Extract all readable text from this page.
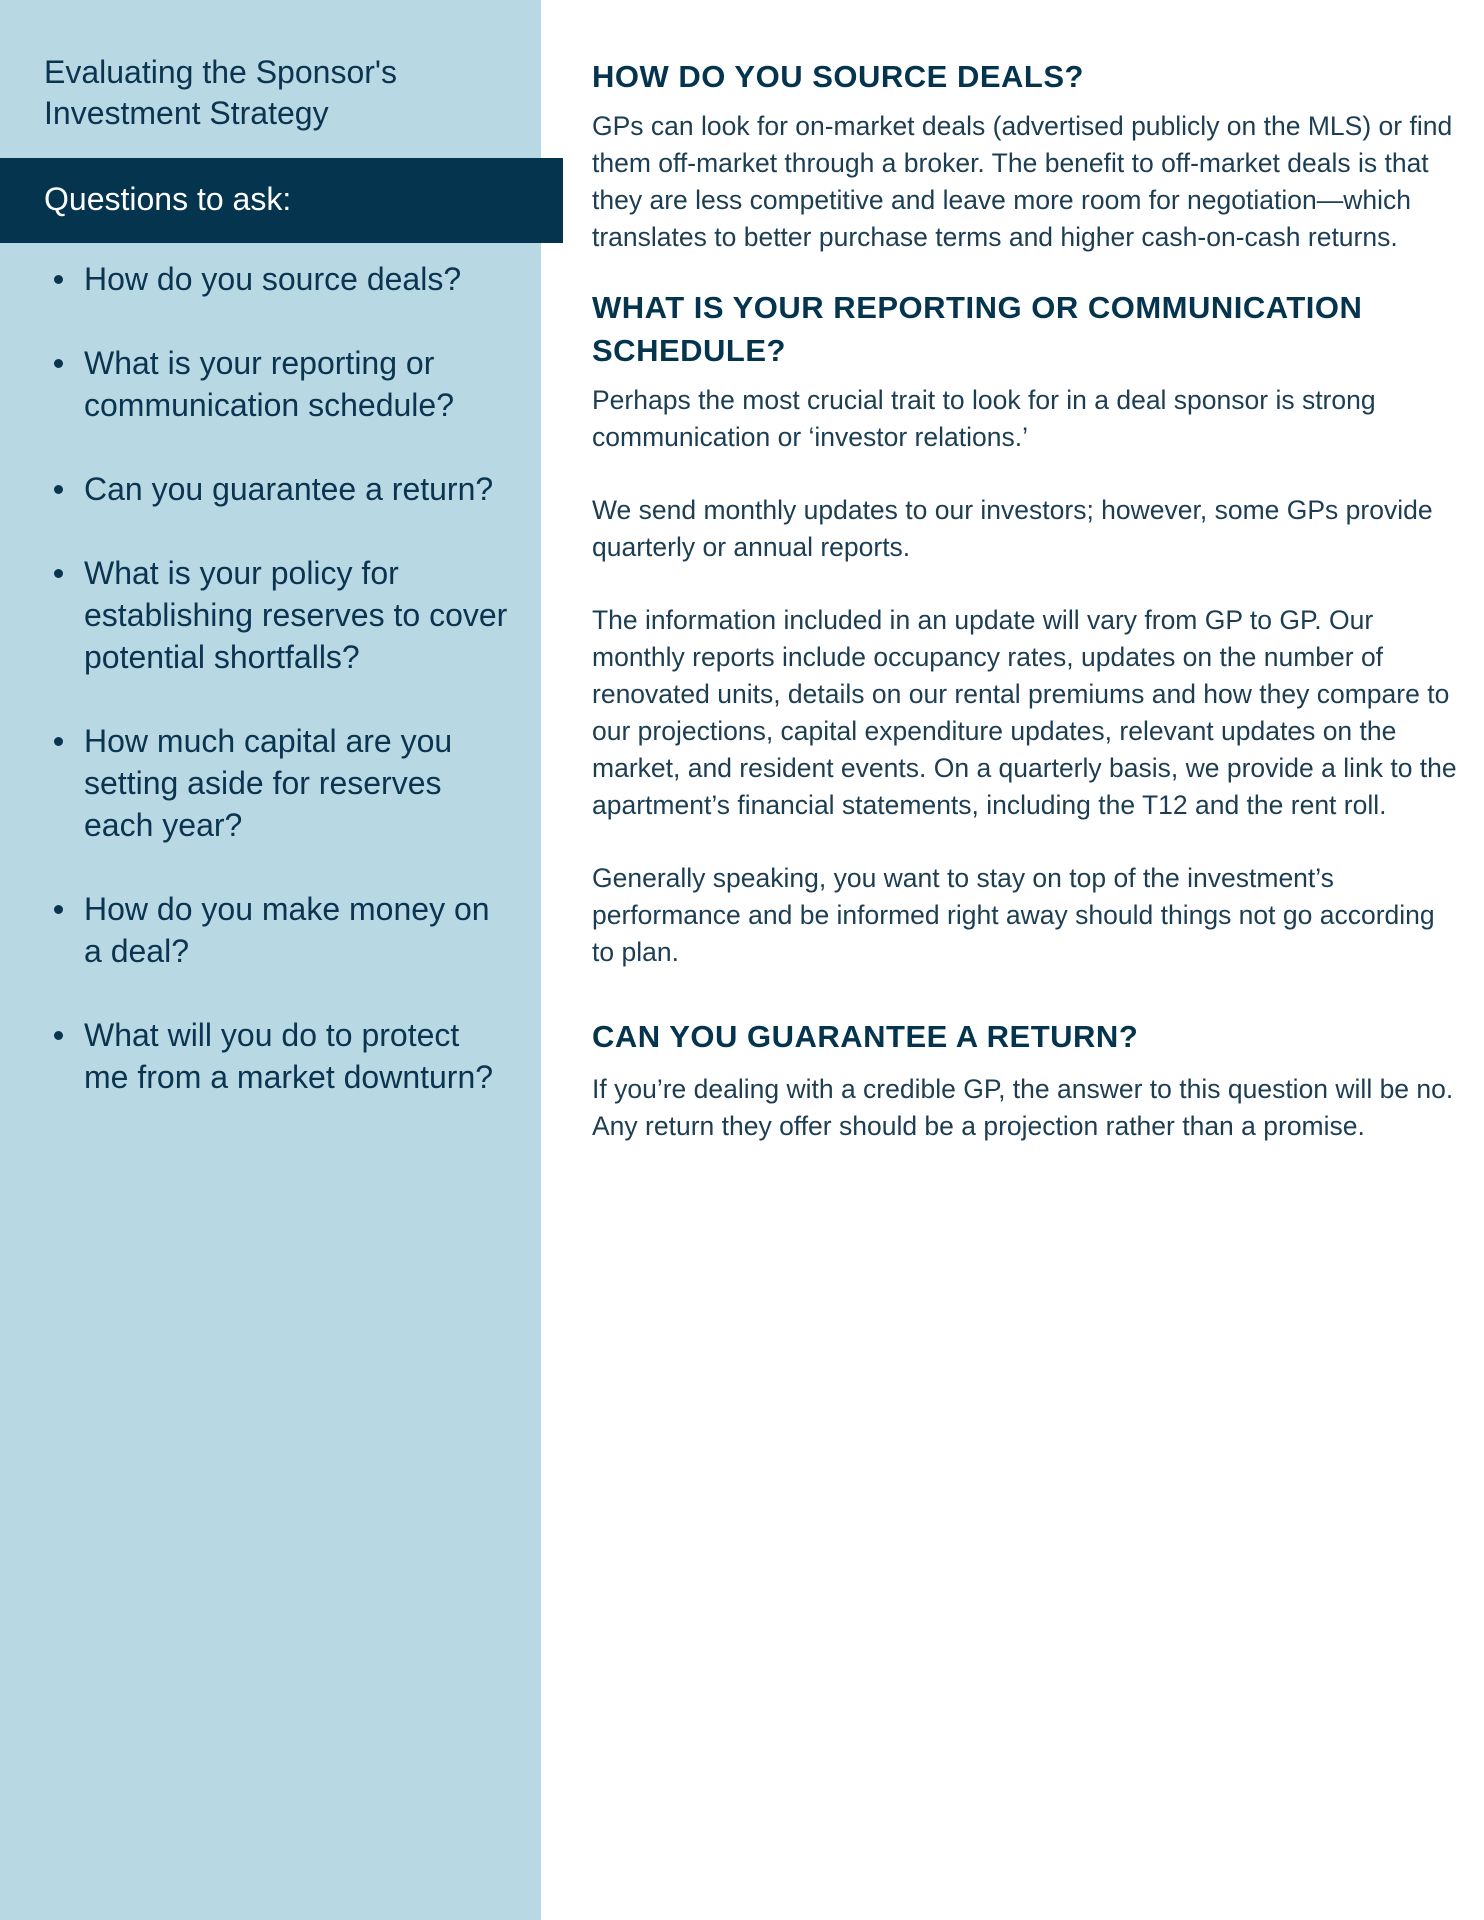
Evaluating the Sponsor's Investment Strategy
Questions to ask:
How do you source deals?
What is your reporting or communication schedule?
Can you guarantee a return?
What is your policy for establishing reserves to cover potential shortfalls?
How much capital are you setting aside for reserves each year?
How do you make money on a deal?
What will you do to protect me from a market downturn?
HOW DO YOU SOURCE DEALS?

GPs can look for on-market deals (advertised publicly on the MLS) or find them off-market through a broker. The benefit to off-market deals is that they are less competitive and leave more room for negotiation—which translates to better purchase terms and higher cash-on-cash returns.

WHAT IS YOUR REPORTING OR COMMUNICATION SCHEDULE?

Perhaps the most crucial trait to look for in a deal sponsor is strong communication or ‘investor relations.’

We send monthly updates to our investors; however, some GPs provide quarterly or annual reports.

The information included in an update will vary from GP to GP. Our monthly reports include occupancy rates, updates on the number of renovated units, details on our rental premiums and how they compare to our projections, capital expenditure updates, relevant updates on the market, and resident events. On a quarterly basis, we provide a link to the apartment’s financial statements, including the T12 and the rent roll.

Generally speaking, you want to stay on top of the investment’s performance and be informed right away should things not go according to plan.

CAN YOU GUARANTEE A RETURN?

If you’re dealing with a credible GP, the answer to this question will be no. Any return they offer should be a projection rather than a promise.
